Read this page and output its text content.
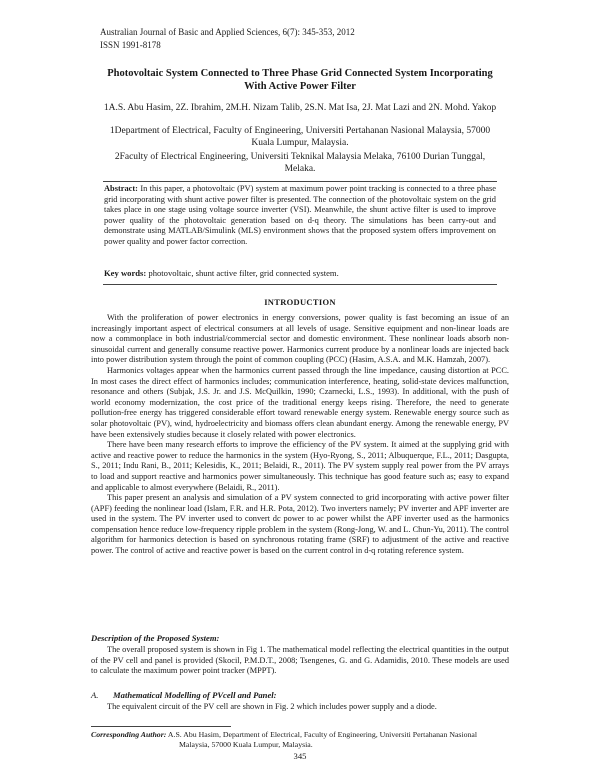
Australian Journal of Basic and Applied Sciences, 6(7): 345-353, 2012
ISSN 1991-8178
Photovoltaic System Connected to Three Phase Grid Connected System Incorporating
With Active Power Filter
1A.S. Abu Hasim, 2Z. Ibrahim, 2M.H. Nizam Talib, 2S.N. Mat Isa, 2J. Mat Lazi and 2N. Mohd. Yakop
1Department of Electrical, Faculty of Engineering, Universiti Pertahanan Nasional Malaysia, 57000 Kuala Lumpur, Malaysia.
2Faculty of Electrical Engineering, Universiti Teknikal Malaysia Melaka, 76100 Durian Tunggal, Melaka.
Abstract: In this paper, a photovoltaic (PV) system at maximum power point tracking is connected to a three phase grid incorporating with shunt active power filter is presented. The connection of the photovoltaic system on the grid takes place in one stage using voltage source inverter (VSI). Meanwhile, the shunt active filter is used to improve power quality of the photovoltaic generation based on d-q theory. The simulations has been carry-out and demonstrate using MATLAB/Simulink (MLS) environment shows that the proposed system offers improvement on power quality and power factor correction.
Key words: photovoltaic, shunt active filter, grid connected system.
INTRODUCTION

With the proliferation of power electronics in energy conversions, power quality is fast becoming an issue of an increasingly important aspect of electrical consumers at all levels of usage. Sensitive equipment and non-linear loads are now a commonplace in both industrial/commercial sector and domestic environment. These nonlinear loads absorb non-sinusoidal current and generally consume reactive power. Harmonics current produce by a nonlinear loads are injected back into power distribution system through the point of common coupling (PCC) (Hasim, A.S.A. and M.K. Hamzah, 2007).

Harmonics voltages appear when the harmonics current passed through the line impedance, causing distortion at PCC. In most cases the direct effect of harmonics includes; communication interference, heating, solid-state devices malfunction, resonance and others (Subjak, J.S. Jr. and J.S. McQuilkin, 1990; Czarnecki, L.S., 1993). In additional, with the push of world economy modernization, the cost price of the traditional energy keeps rising. Therefore, the need to generate pollution-free energy has triggered considerable effort toward renewable energy system. Renewable energy source such as solar photovoltaic (PV), wind, hydroelectricity and biomass offers clean abundant energy. Among the renewable energy, PV have been extensively studies because it closely related with power electronics.

There have been many research efforts to improve the efficiency of the PV system. It aimed at the supplying grid with active and reactive power to reduce the harmonics in the system (Hyo-Ryong, S., 2011; Albuquerque, F.L., 2011; Dasgupta, S., 2011; Indu Rani, B., 2011; Kelesidis, K., 2011; Belaidi, R., 2011). The PV system supply real power from the PV arrays to load and support reactive and harmonics power simultaneously. This technique has good feature such as; easy to expand and applicable to almost everywhere (Belaidi, R., 2011).

This paper present an analysis and simulation of a PV system connected to grid incorporating with active power filter (APF) feeding the nonlinear load (Islam, F.R. and H.R. Pota, 2012). Two inverters namely; PV inverter and APF inverter are used in the system. The PV inverter used to convert dc power to ac power whilst the APF inverter used as the harmonics compensation hence reduce low-frequency ripple problem in the system (Rong-Jong, W. and L. Chun-Yu, 2011). The control algorithm for harmonics detection is based on synchronous rotating frame (SRF) to adjustment of the active and reactive power. The control of active and reactive power is based on the current control in d-q rotating reference system.

Description of the Proposed System:

The overall proposed system is shown in Fig 1. The mathematical model reflecting the electrical quantities in the output of the PV cell and panel is provided (Skocil, P.M.D.T., 2008; Tsengenes, G. and G. Adamidis, 2010. These models are used to calculate the maximum power point tracker (MPPT).

A. Mathematical Modelling of PVcell and Panel:
The equivalent circuit of the PV cell are shown in Fig. 2 which includes power supply and a diode.
Corresponding Author: A.S. Abu Hasim, Department of Electrical, Faculty of Engineering, Universiti Pertahanan Nasional
Malaysia, 57000 Kuala Lumpur, Malaysia.
345
